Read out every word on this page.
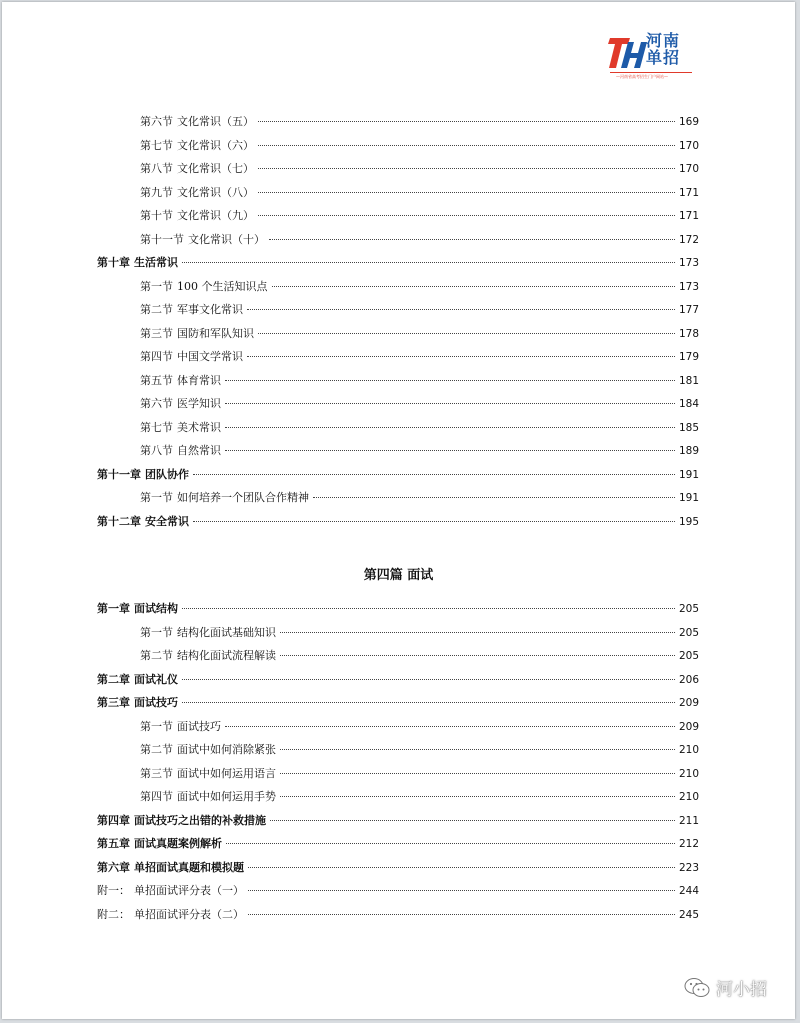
河南
单招
—河南省高考招生门户网站—
第六节 文化常识（五）	169
第七节 文化常识（六）	170
第八节 文化常识（七）	170
第九节 文化常识（八）	171
第十节 文化常识（九）	171
第十一节 文化常识（十）	172
第十章 生活常识	173
第一节 100 个生活知识点	173
第二节 军事文化常识	177
第三节 国防和军队知识	178
第四节 中国文学常识	179
第五节 体育常识	181
第六节 医学知识	184
第七节 美术常识	185
第八节 自然常识	189
第十一章 团队协作	191
第一节 如何培养一个团队合作精神	191
第十二章 安全常识	195
第四篇 面试
第一章 面试结构	205
第一节 结构化面试基础知识	205
第二节 结构化面试流程解读	205
第二章 面试礼仪	206
第三章 面试技巧	209
第一节 面试技巧	209
第二节 面试中如何消除紧张	210
第三节 面试中如何运用语言	210
第四节 面试中如何运用手势	210
第四章 面试技巧之出错的补救措施	211
第五章 面试真题案例解析	212
第六章 单招面试真题和模拟题	223
附一： 单招面试评分表（一）	244
附二： 单招面试评分表（二）	245
河小招
